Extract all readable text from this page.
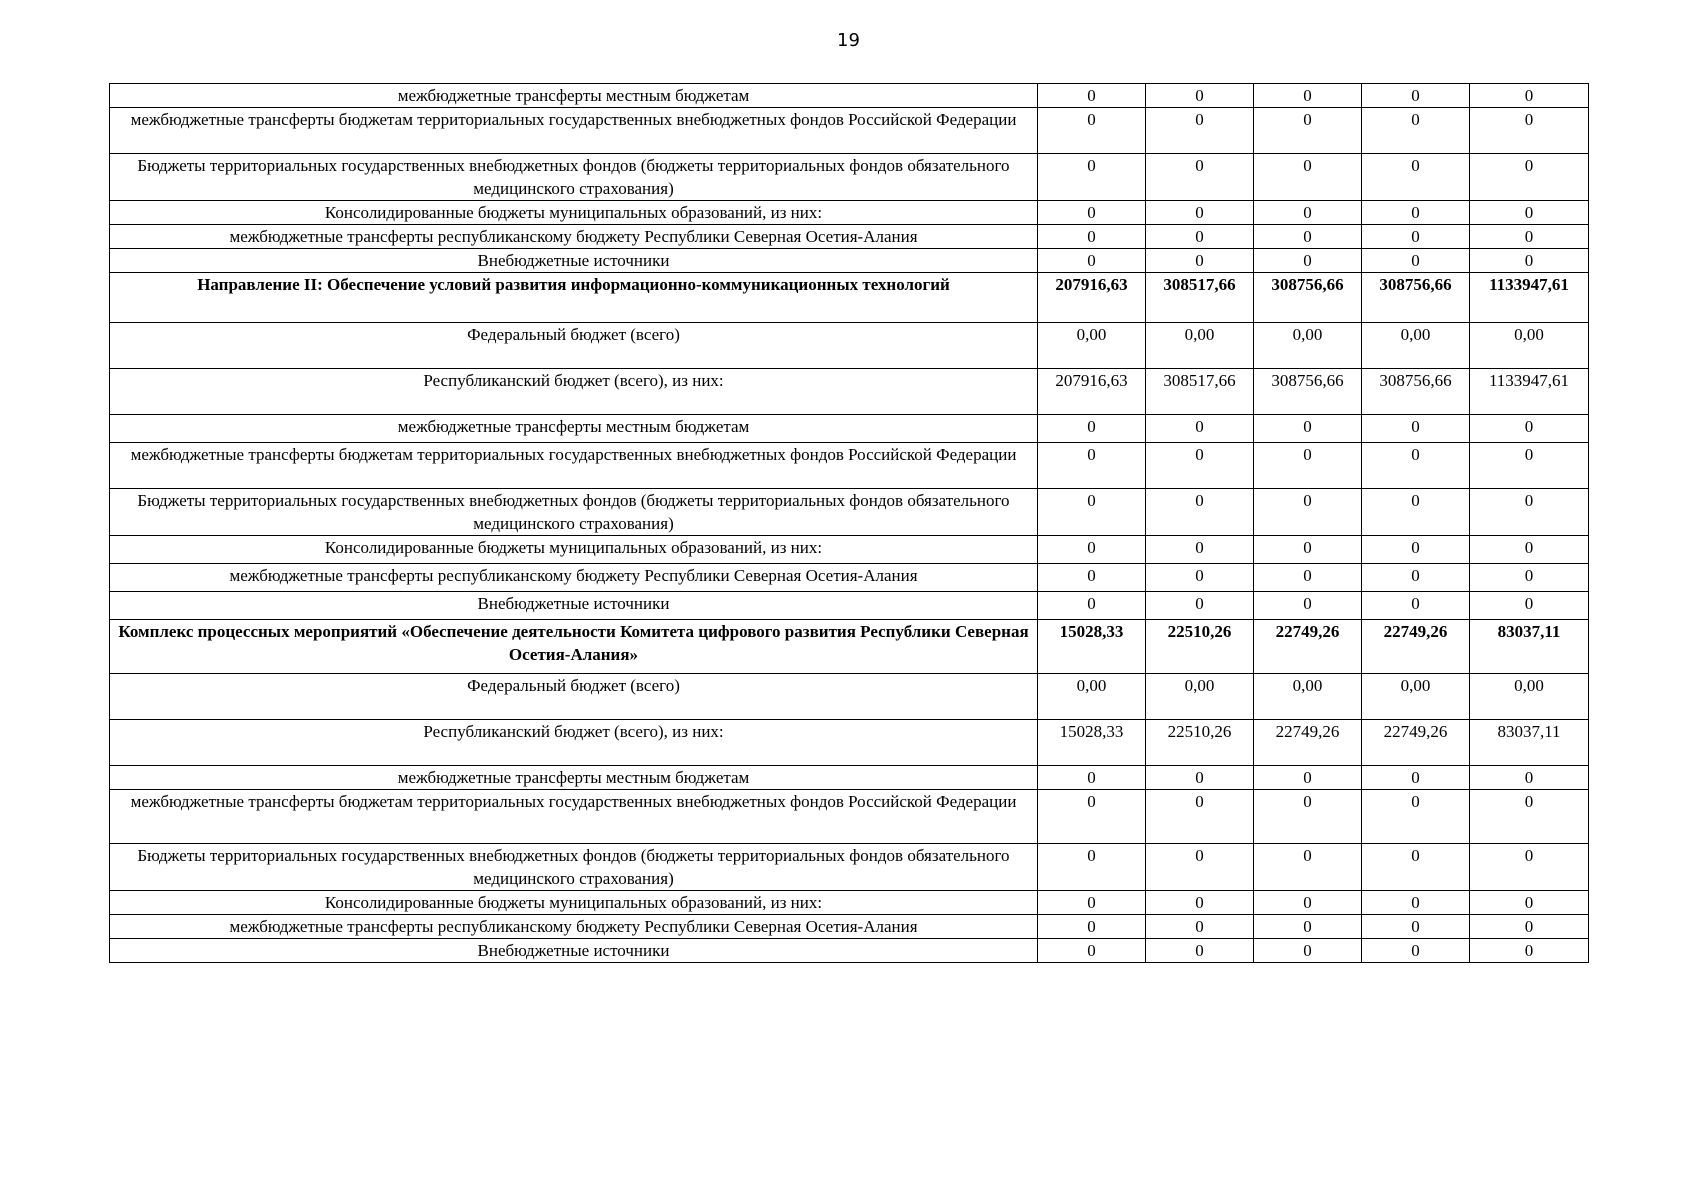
19
межбюджетные трансферты местным бюджетам	0	0	0	0	0
межбюджетные трансферты бюджетам территориальных государственных внебюджетных фондов Российской Федерации	0	0	0	0	0
Бюджеты территориальных государственных внебюджетных фондов (бюджеты территориальных фондов обязательного медицинского страхования)	0	0	0	0	0
Консолидированные бюджеты муниципальных образований, из них:	0	0	0	0	0
межбюджетные трансферты республиканскому бюджету Республики Северная Осетия-Алания	0	0	0	0	0
Внебюджетные источники	0	0	0	0	0
Направление II: Обеспечение условий развития информационно-коммуникационных технологий	207916,63	308517,66	308756,66	308756,66	1133947,61
Федеральный бюджет (всего)	0,00	0,00	0,00	0,00	0,00
Республиканский бюджет (всего), из них:	207916,63	308517,66	308756,66	308756,66	1133947,61
межбюджетные трансферты местным бюджетам	0	0	0	0	0
межбюджетные трансферты бюджетам территориальных государственных внебюджетных фондов Российской Федерации	0	0	0	0	0
Бюджеты территориальных государственных внебюджетных фондов (бюджеты территориальных фондов обязательного медицинского страхования)	0	0	0	0	0
Консолидированные бюджеты муниципальных образований, из них:	0	0	0	0	0
межбюджетные трансферты республиканскому бюджету Республики Северная Осетия-Алания	0	0	0	0	0
Внебюджетные источники	0	0	0	0	0
Комплекс процессных мероприятий «Обеспечение деятельности Комитета цифрового развития Республики Северная Осетия-Алания»	15028,33	22510,26	22749,26	22749,26	83037,11
Федеральный бюджет (всего)	0,00	0,00	0,00	0,00	0,00
Республиканский бюджет (всего), из них:	15028,33	22510,26	22749,26	22749,26	83037,11
межбюджетные трансферты местным бюджетам	0	0	0	0	0
межбюджетные трансферты бюджетам территориальных государственных внебюджетных фондов Российской Федерации	0	0	0	0	0
Бюджеты территориальных государственных внебюджетных фондов (бюджеты территориальных фондов обязательного медицинского страхования)	0	0	0	0	0
Консолидированные бюджеты муниципальных образований, из них:	0	0	0	0	0
межбюджетные трансферты республиканскому бюджету Республики Северная Осетия-Алания	0	0	0	0	0
Внебюджетные источники	0	0	0	0	0
